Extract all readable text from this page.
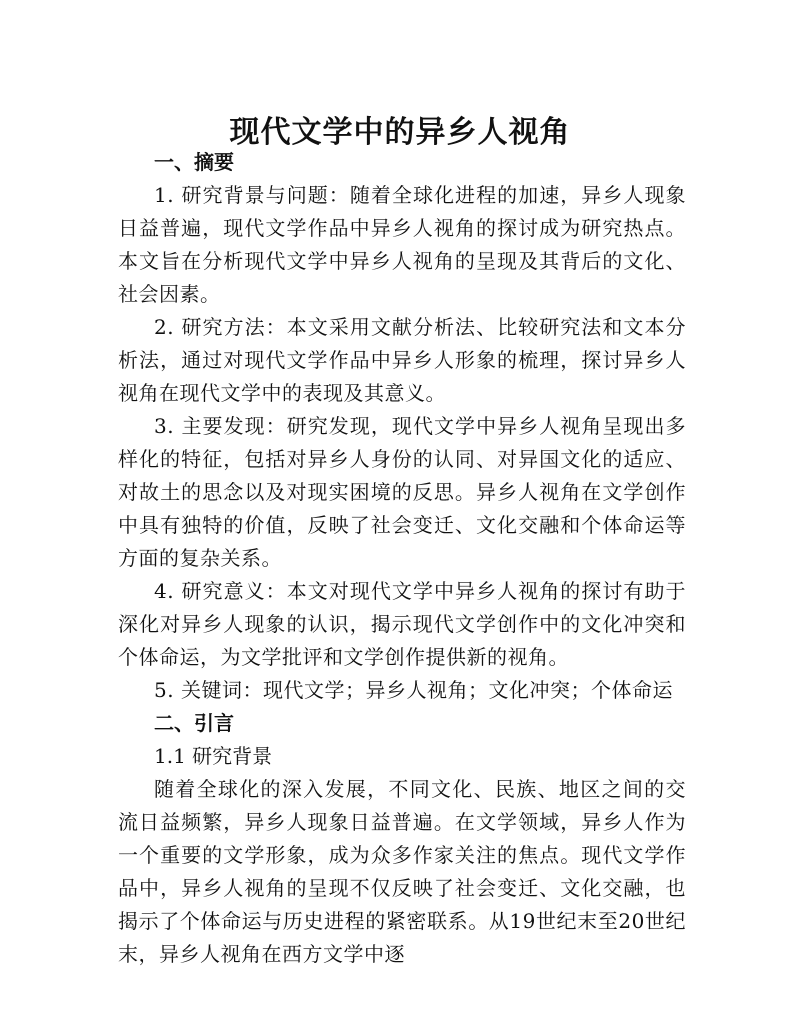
现代文学中的异乡人视角
一、摘要

1. 研究背景与问题：随着全球化进程的加速，异乡人现象日益普遍，现代文学作品中异乡人视角的探讨成为研究热点。本文旨在分析现代文学中异乡人视角的呈现及其背后的文化、社会因素。

2. 研究方法：本文采用文献分析法、比较研究法和文本分析法，通过对现代文学作品中异乡人形象的梳理，探讨异乡人视角在现代文学中的表现及其意义。

3. 主要发现：研究发现，现代文学中异乡人视角呈现出多样化的特征，包括对异乡人身份的认同、对异国文化的适应、对故土的思念以及对现实困境的反思。异乡人视角在文学创作中具有独特的价值，反映了社会变迁、文化交融和个体命运等方面的复杂关系。

4. 研究意义：本文对现代文学中异乡人视角的探讨有助于深化对异乡人现象的认识，揭示现代文学创作中的文化冲突和个体命运，为文学批评和文学创作提供新的视角。

5. 关键词：现代文学；异乡人视角；文化冲突；个体命运

二、引言

1.1 研究背景

随着全球化的深入发展，不同文化、民族、地区之间的交流日益频繁，异乡人现象日益普遍。在文学领域，异乡人作为一个重要的文学形象，成为众多作家关注的焦点。现代文学作品中，异乡人视角的呈现不仅反映了社会变迁、文化交融，也揭示了个体命运与历史进程的紧密联系。从19世纪末至20世纪末，异乡人视角在西方文学中逐
